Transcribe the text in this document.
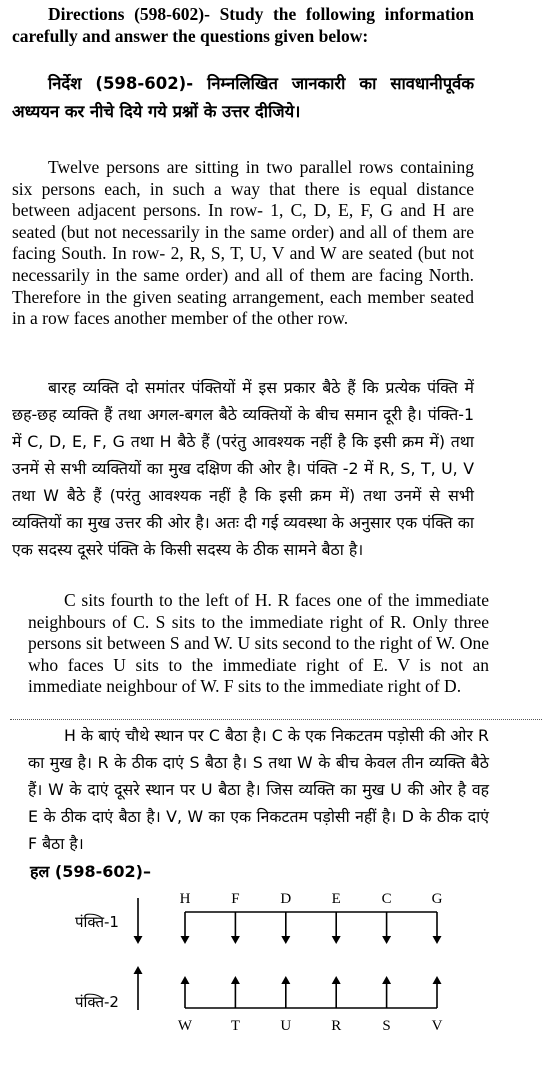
Directions (598-602)- Study the following information carefully and answer the questions given below:

निर्देश (598-602)- निम्नलिखित जानकारी का सावधानीपूर्वक अध्ययन कर नीचे दिये गये प्रश्नों के उत्तर दीजिये।

Twelve persons are sitting in two parallel rows containing six persons each, in such a way that there is equal distance between adjacent persons. In row- 1, C, D, E, F, G and H are seated (but not necessarily in the same order) and all of them are facing South. In row- 2, R, S, T, U, V and W are seated (but not necessarily in the same order) and all of them are facing North. Therefore in the given seating arrangement, each member seated in a row faces another member of the other row.

बारह व्यक्ति दो समांतर पंक्तियों में इस प्रकार बैठे हैं कि प्रत्येक पंक्ति में छह-छह व्यक्ति हैं तथा अगल-बगल बैठे व्यक्तियों के बीच समान दूरी है। पंक्ति-1 में C, D, E, F, G तथा H बैठे हैं (परंतु आवश्यक नहीं है कि इसी क्रम में) तथा उनमें से सभी व्यक्तियों का मुख दक्षिण की ओर है। पंक्ति -2 में R, S, T, U, V तथा W बैठे हैं (परंतु आवश्यक नहीं है कि इसी क्रम में) तथा उनमें से सभी व्यक्तियों का मुख उत्तर की ओर है। अतः दी गई व्यवस्था के अनुसार एक पंक्ति का एक सदस्य दूसरे पंक्ति के किसी सदस्य के ठीक सामने बैठा है।

C sits fourth to the left of H. R faces one of the immediate neighbours of C. S sits to the immediate right of R. Only three persons sit between S and W. U sits second to the right of W. One who faces U sits to the immediate right of E. V is not an immediate neighbour of W. F sits to the immediate right of D.

H के बाएं चौथे स्थान पर C बैठा है। C के एक निकटतम पड़ोसी की ओर R का मुख है। R के ठीक दाएं S बैठा है। S तथा W के बीच केवल तीन व्यक्ति बैठे हैं। W के दाएं दूसरे स्थान पर U बैठा है। जिस व्यक्ति का मुख U की ओर है वह E के ठीक दाएं बैठा है। V, W का एक निकटतम पड़ोसी नहीं है। D के ठीक दाएं F बैठा है।

हल (598-602)–

पंक्ति-1
पंक्ति-2
H	F	D	E	C	G
W	T	U	R	S	V
